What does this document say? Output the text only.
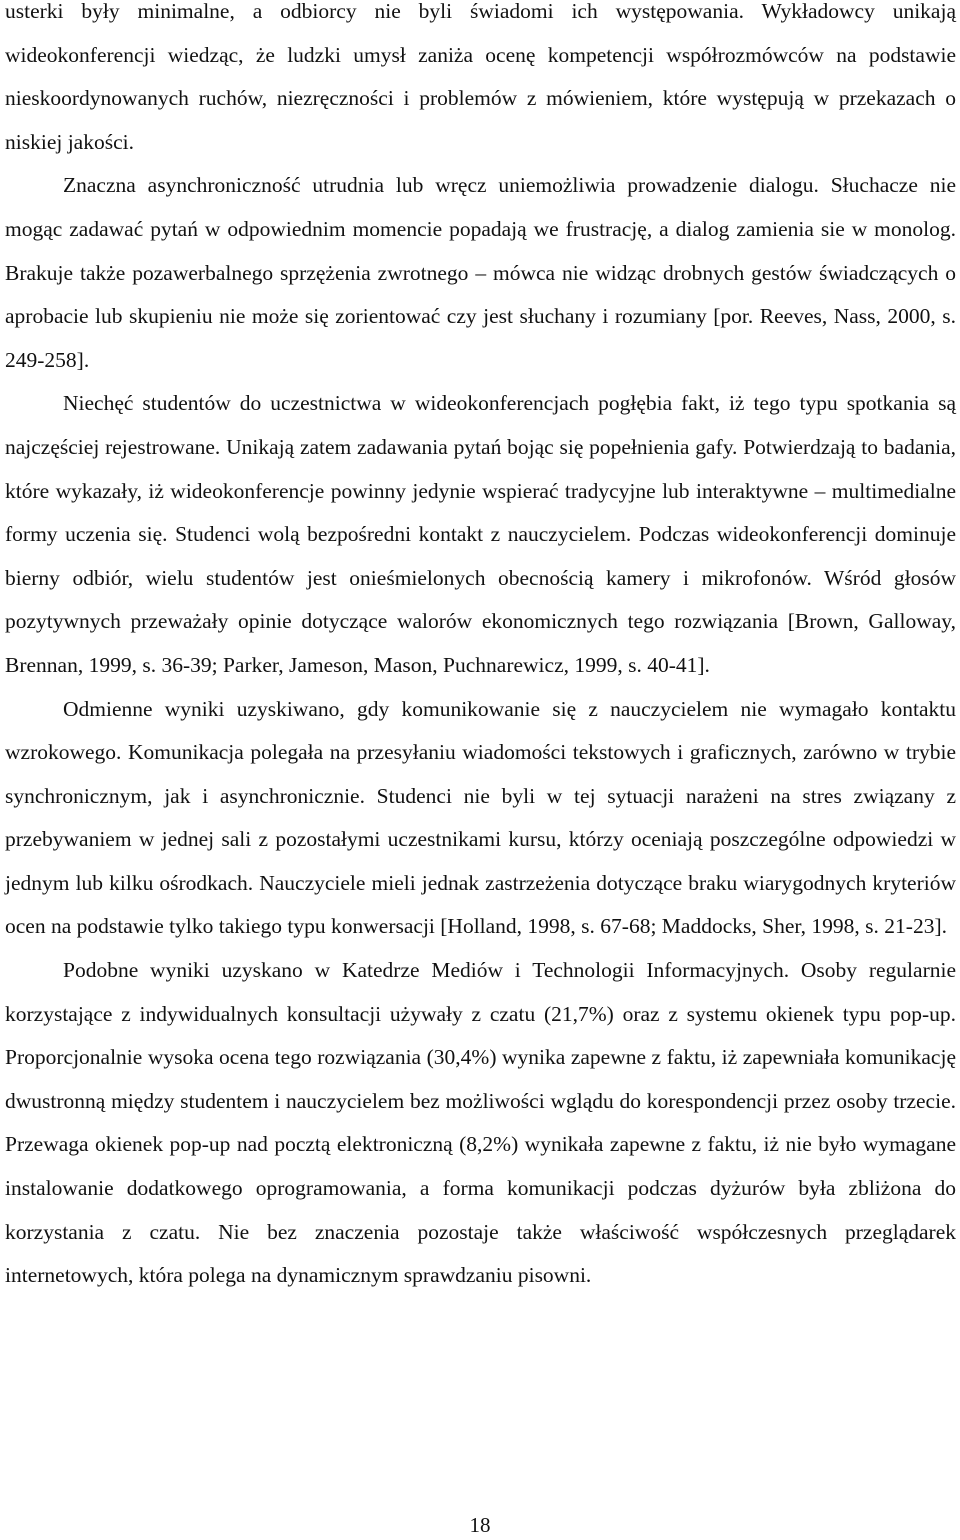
usterki były minimalne, a odbiorcy nie byli świadomi ich występowania. Wykładowcy unikają wideokonferencji wiedząc, że ludzki umysł zaniża ocenę kompetencji współrozmówców na podstawie nieskoordynowanych ruchów, niezręczności i problemów z mówieniem, które występują w przekazach o niskiej jakości.

Znaczna asynchroniczność utrudnia lub wręcz uniemożliwia prowadzenie dialogu. Słuchacze nie mogąc zadawać pytań w odpowiednim momencie popadają we frustrację, a dialog zamienia sie w monolog. Brakuje także pozawerbalnego sprzężenia zwrotnego – mówca nie widząc drobnych gestów świadczących o aprobacie lub skupieniu nie może się zorientować czy jest słuchany i rozumiany [por. Reeves, Nass, 2000, s. 249-258].

Niechęć studentów do uczestnictwa w wideokonferencjach pogłębia fakt, iż tego typu spotkania są najczęściej rejestrowane. Unikają zatem zadawania pytań bojąc się popełnienia gafy. Potwierdzają to badania, które wykazały, iż wideokonferencje powinny jedynie wspierać tradycyjne lub interaktywne – multimedialne formy uczenia się. Studenci wolą bezpośredni kontakt z nauczycielem. Podczas wideokonferencji dominuje bierny odbiór, wielu studentów jest onieśmielonych obecnością kamery i mikrofonów. Wśród głosów pozytywnych przeważały opinie dotyczące walorów ekonomicznych tego rozwiązania [Brown, Galloway, Brennan, 1999, s. 36-39; Parker, Jameson, Mason, Puchnarewicz, 1999, s. 40-41].

Odmienne wyniki uzyskiwano, gdy komunikowanie się z nauczycielem nie wymagało kontaktu wzrokowego. Komunikacja polegała na przesyłaniu wiadomości tekstowych i graficznych, zarówno w trybie synchronicznym, jak i asynchronicznie. Studenci nie byli w tej sytuacji narażeni na stres związany z przebywaniem w jednej sali z pozostałymi uczestnikami kursu, którzy oceniają poszczególne odpowiedzi w jednym lub kilku ośrodkach. Nauczyciele mieli jednak zastrzeżenia dotyczące braku wiarygodnych kryteriów ocen na podstawie tylko takiego typu konwersacji [Holland, 1998, s. 67-68; Maddocks, Sher, 1998, s. 21-23].

Podobne wyniki uzyskano w Katedrze Mediów i Technologii Informacyjnych. Osoby regularnie korzystające z indywidualnych konsultacji używały z czatu (21,7%) oraz z systemu okienek typu pop-up. Proporcjonalnie wysoka ocena tego rozwiązania (30,4%) wynika zapewne z faktu, iż zapewniała komunikację dwustronną między studentem i nauczycielem bez możliwości wglądu do korespondencji przez osoby trzecie. Przewaga okienek pop-up nad pocztą elektroniczną (8,2%) wynikała zapewne z faktu, iż nie było wymagane instalowanie dodatkowego oprogramowania, a forma komunikacji podczas dyżurów była zbliżona do korzystania z czatu. Nie bez znaczenia pozostaje także właściwość współczesnych przeglądarek internetowych, która polega na dynamicznym sprawdzaniu pisowni.

18
